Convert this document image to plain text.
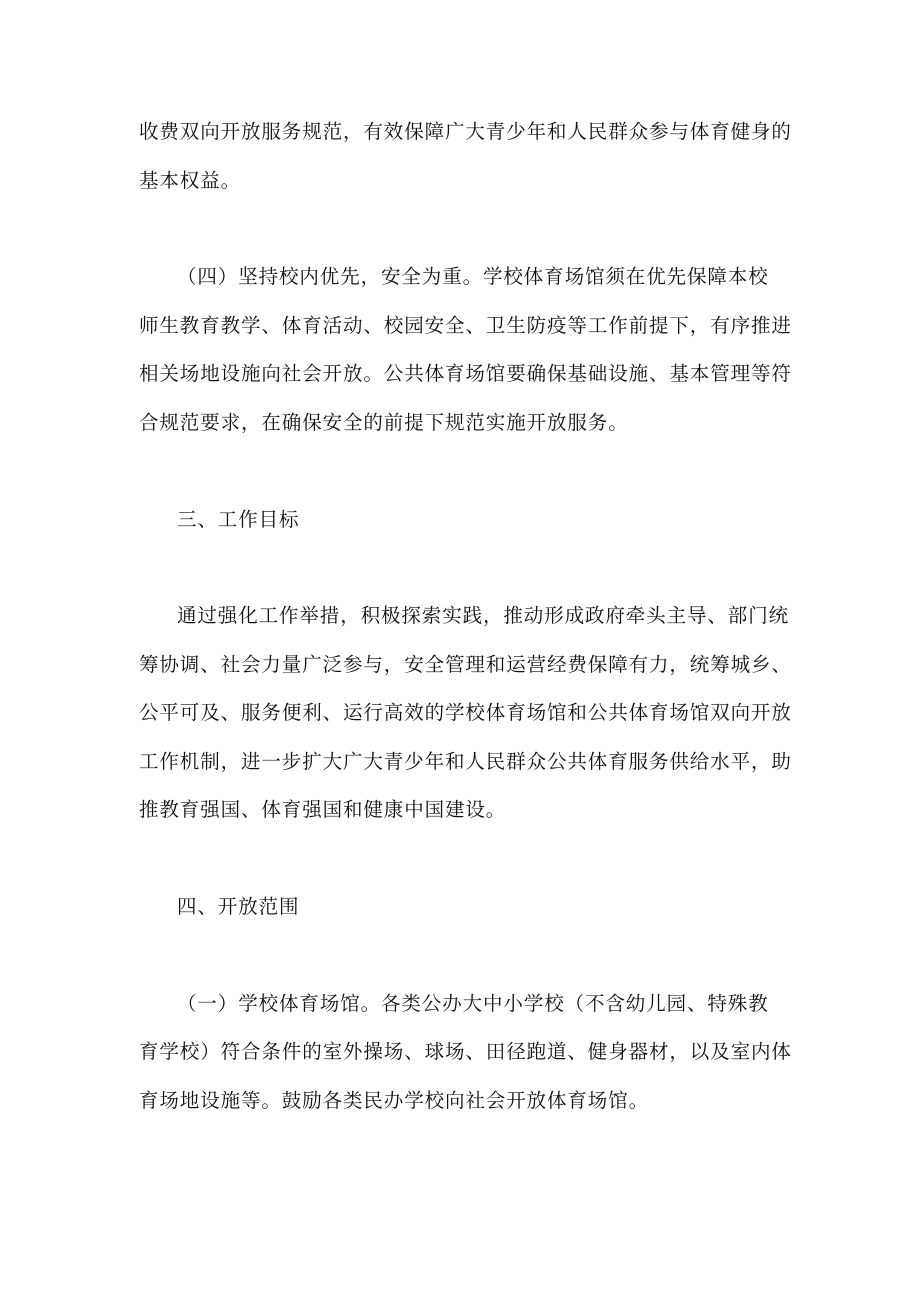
收费双向开放服务规范，有效保障广大青少年和人民群众参与体育健身的
基本权益。
（四）坚持校内优先，安全为重。学校体育场馆须在优先保障本校
师生教育教学、体育活动、校园安全、卫生防疫等工作前提下，有序推进
相关场地设施向社会开放。公共体育场馆要确保基础设施、基本管理等符
合规范要求，在确保安全的前提下规范实施开放服务。
三、工作目标
通过强化工作举措，积极探索实践，推动形成政府牵头主导、部门统
筹协调、社会力量广泛参与，安全管理和运营经费保障有力，统筹城乡、
公平可及、服务便利、运行高效的学校体育场馆和公共体育场馆双向开放
工作机制，进一步扩大广大青少年和人民群众公共体育服务供给水平，助
推教育强国、体育强国和健康中国建设。
四、开放范围
（一）学校体育场馆。各类公办大中小学校（不含幼儿园、特殊教
育学校）符合条件的室外操场、球场、田径跑道、健身器材，以及室内体
育场地设施等。鼓励各类民办学校向社会开放体育场馆。
